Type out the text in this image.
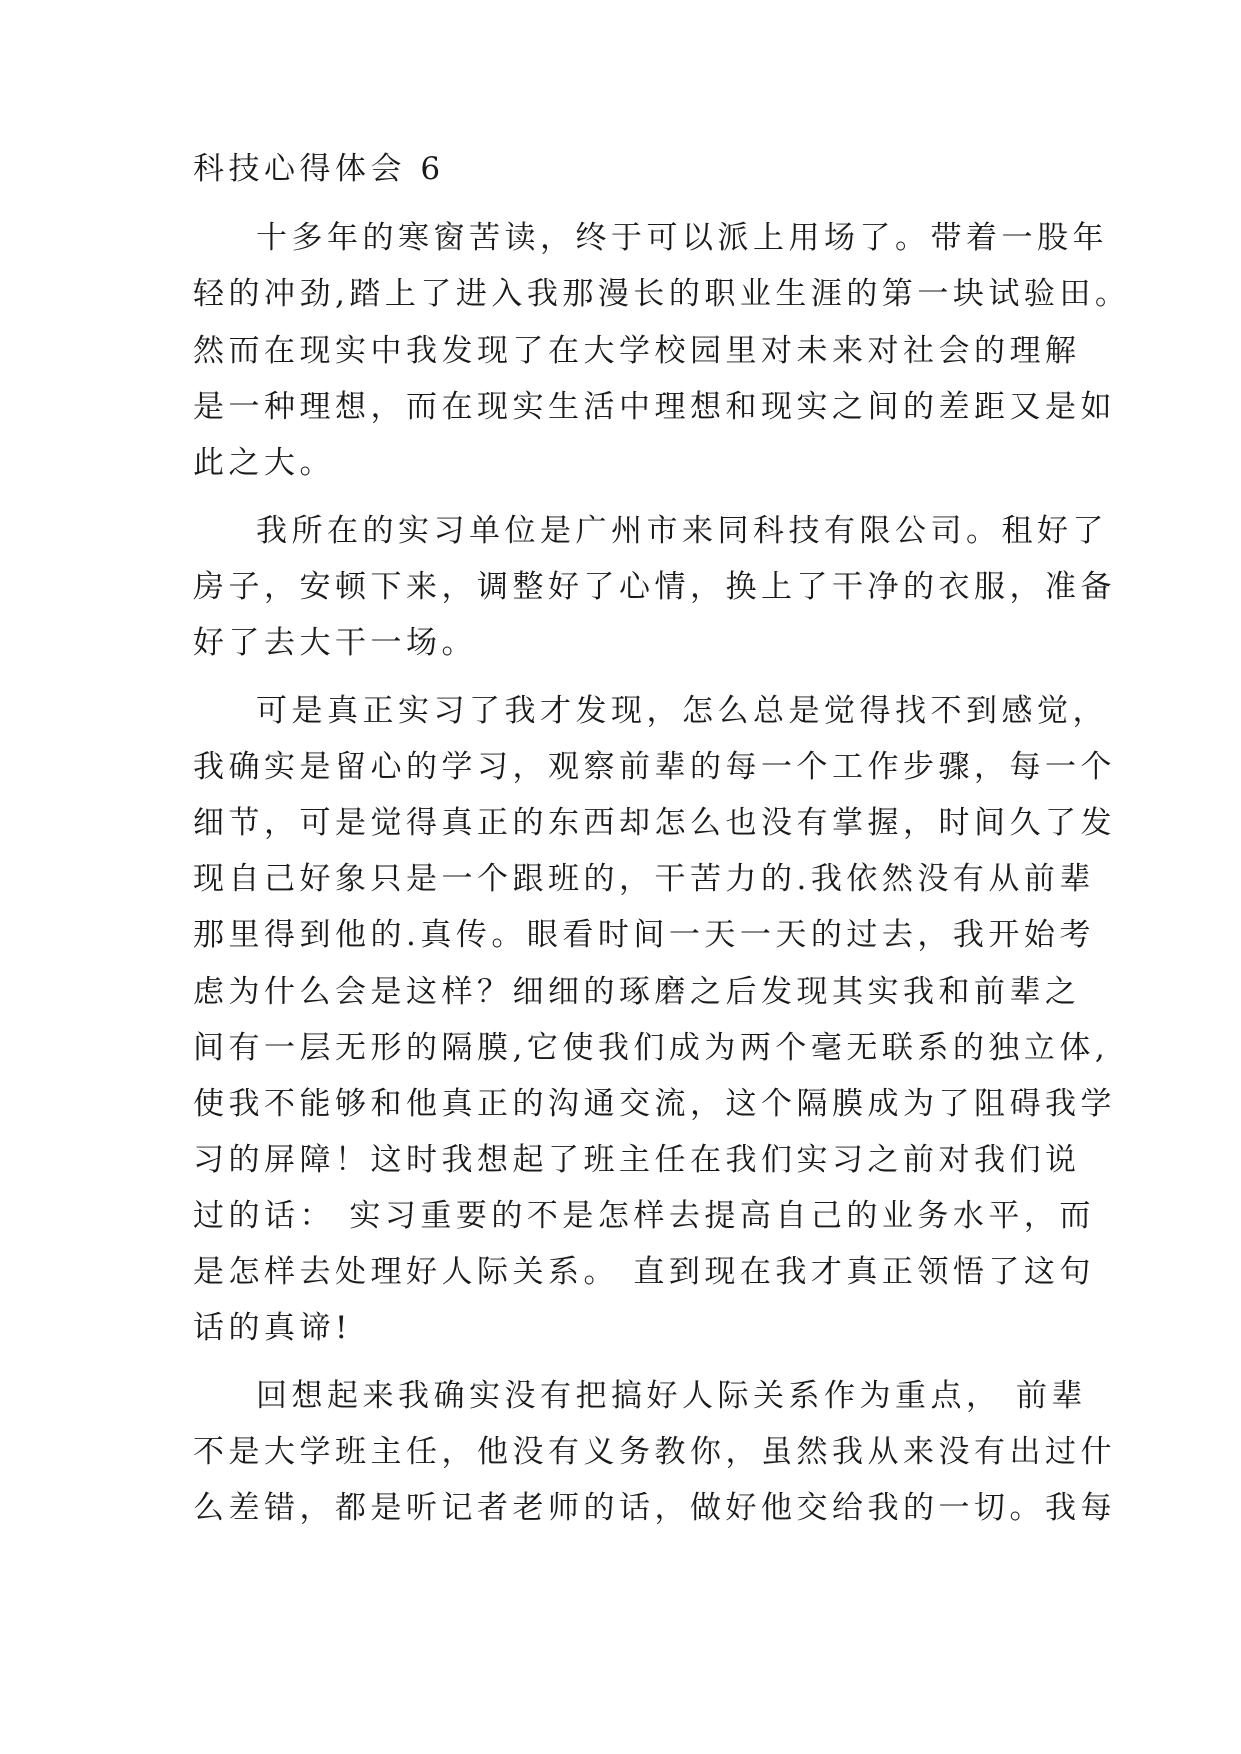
科技心得体会 6
十多年的寒窗苦读，终于可以派上用场了。带着一股年
轻的冲劲,踏上了进入我那漫长的职业生涯的第一块试验田。
然而在现实中我发现了在大学校园里对未来对社会的理解
是一种理想，而在现实生活中理想和现实之间的差距又是如
此之大。
我所在的实习单位是广州市来同科技有限公司。租好了
房子，安顿下来，调整好了心情，换上了干净的衣服，准备
好了去大干一场。
可是真正实习了我才发现，怎么总是觉得找不到感觉，
我确实是留心的学习，观察前辈的每一个工作步骤，每一个
细节，可是觉得真正的东西却怎么也没有掌握，时间久了发
现自己好象只是一个跟班的，干苦力的.我依然没有从前辈
那里得到他的.真传。眼看时间一天一天的过去，我开始考
虑为什么会是这样？细细的琢磨之后发现其实我和前辈之
间有一层无形的隔膜,它使我们成为两个毫无联系的独立体,
使我不能够和他真正的沟通交流，这个隔膜成为了阻碍我学
习的屏障！这时我想起了班主任在我们实习之前对我们说
过的话： 实习重要的不是怎样去提高自己的业务水平，而
是怎样去处理好人际关系。 直到现在我才真正领悟了这句
话的真谛!
回想起来我确实没有把搞好人际关系作为重点， 前辈
不是大学班主任，他没有义务教你，虽然我从来没有出过什
么差错，都是听记者老师的话，做好他交给我的一切。我每
